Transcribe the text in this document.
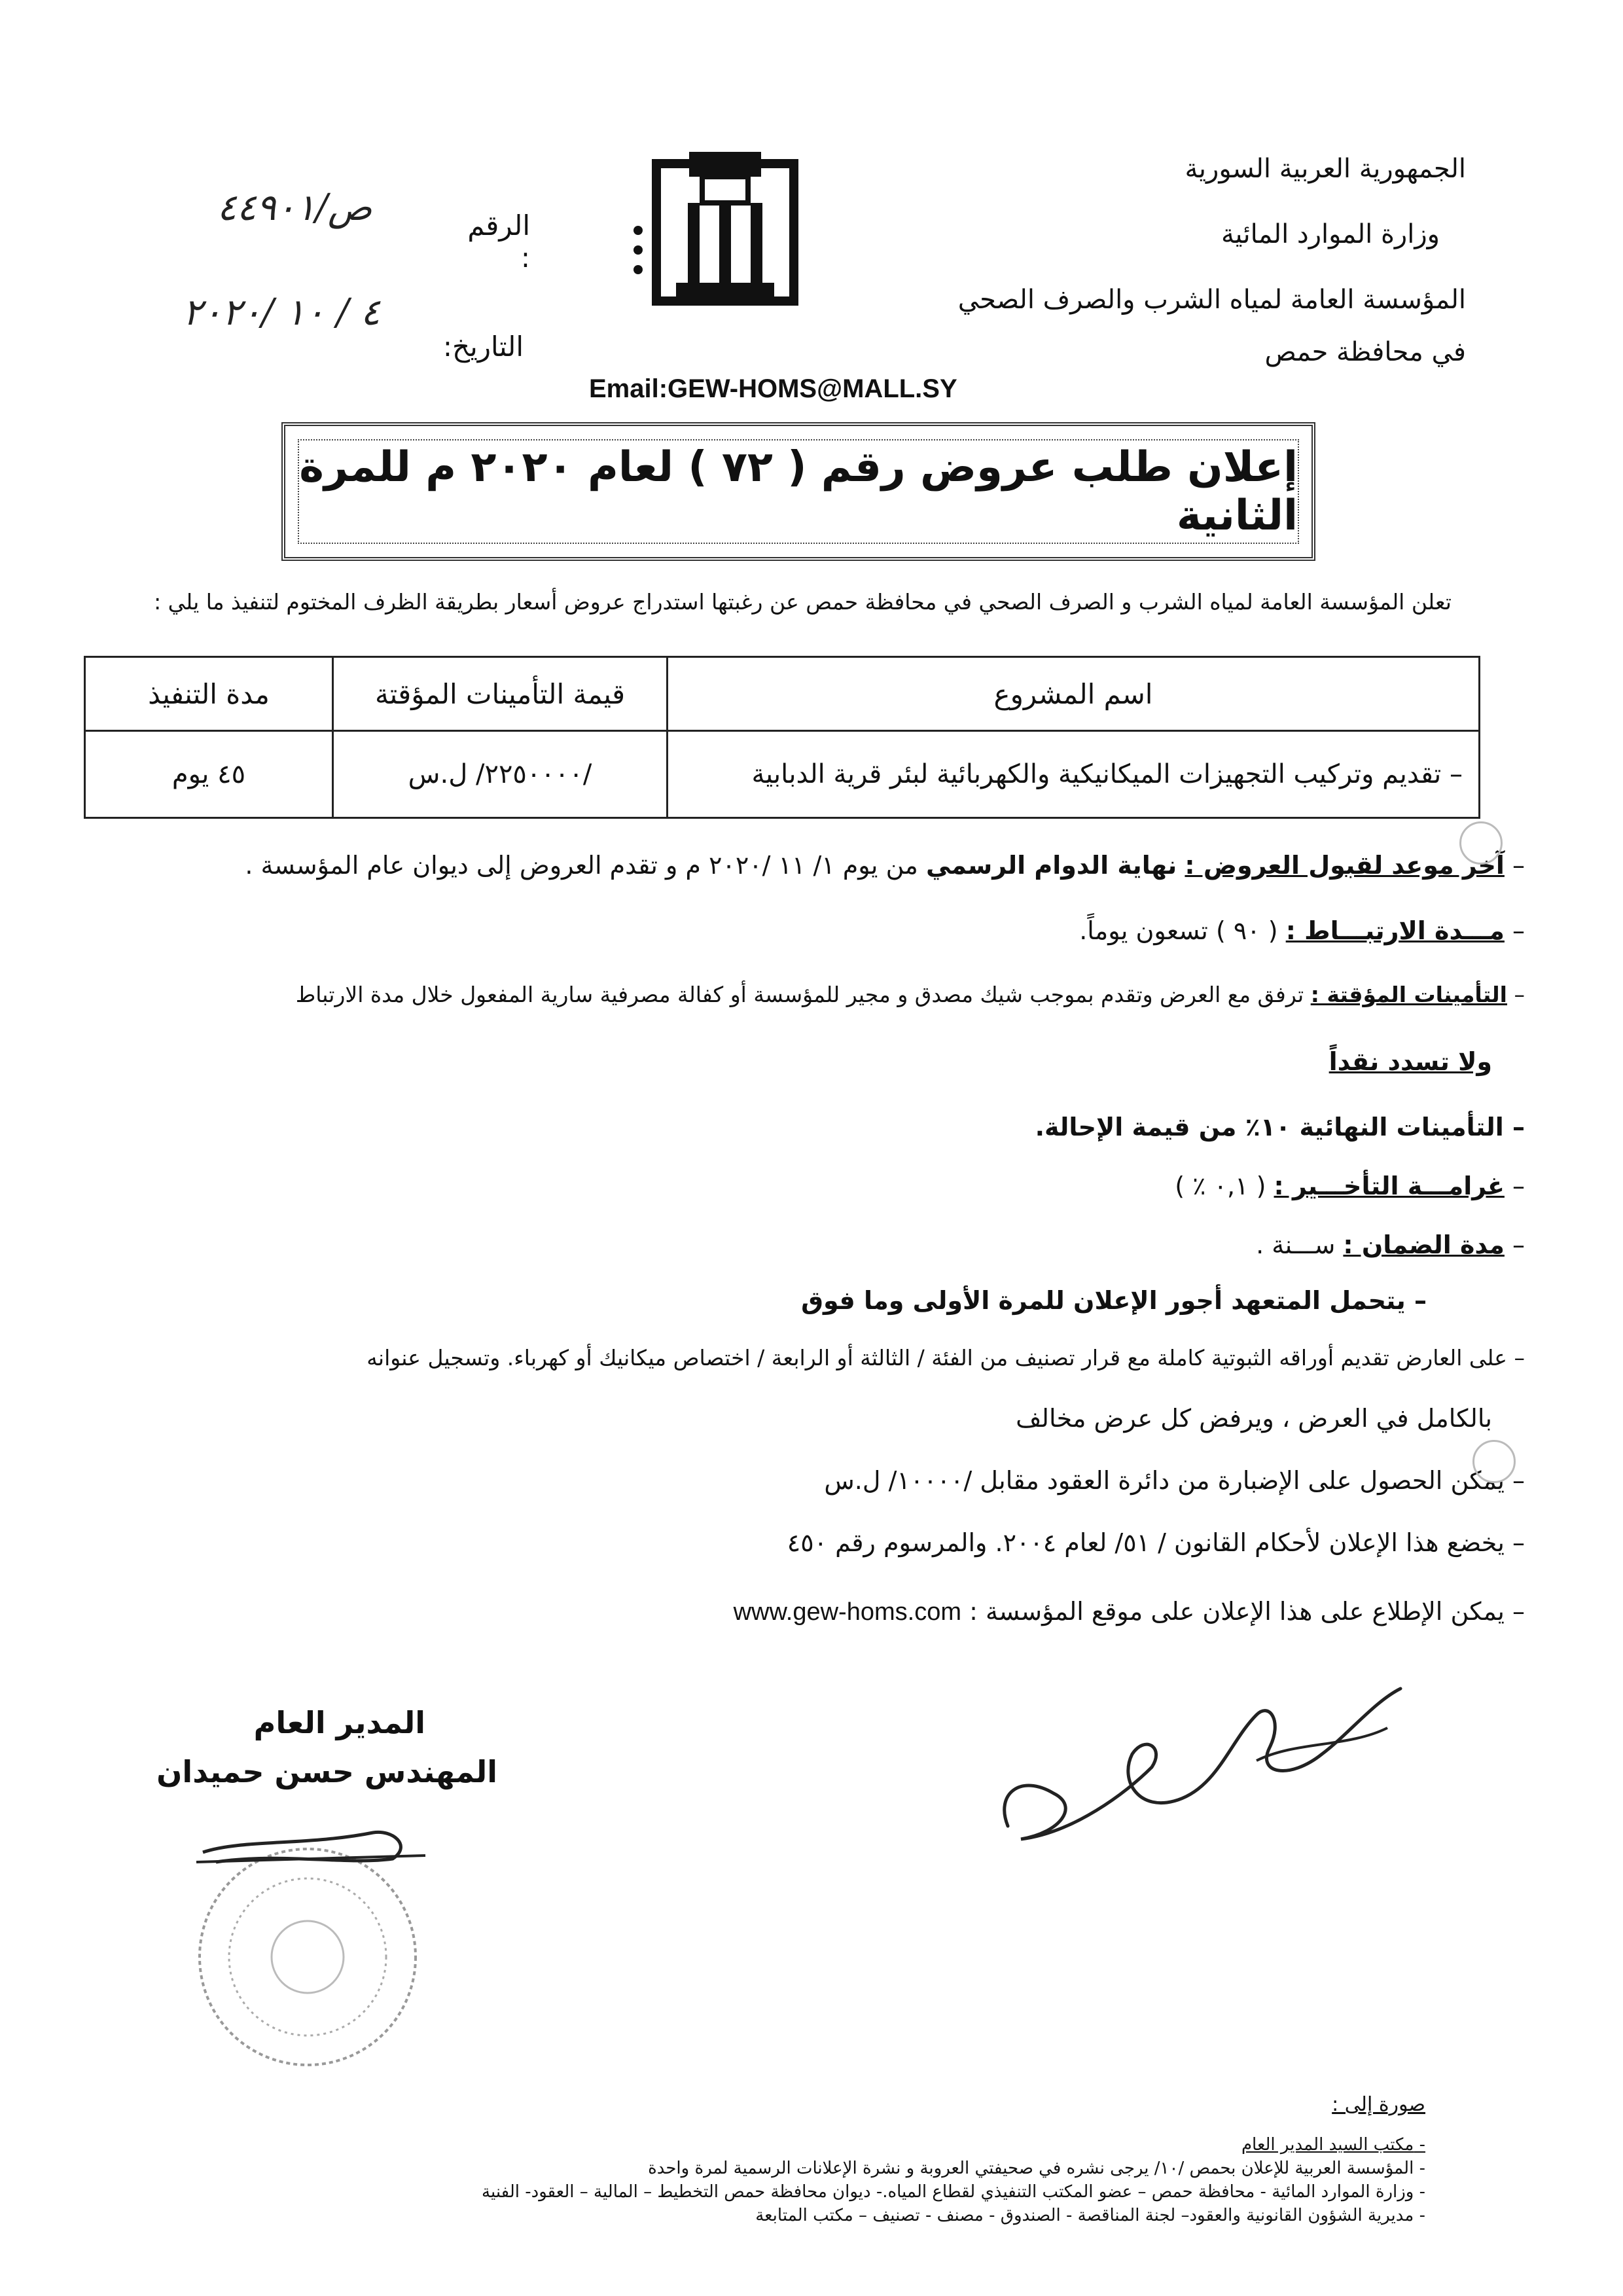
الجمهورية العربية السورية
وزارة الموارد المائية
المؤسسة العامة لمياه الشرب والصرف الصحي
في محافظة حمص
الرقم :
ص/٤٤٩٠١
التاريخ:
٤ / ١٠ /٢٠٢٠
Email:GEW-HOMS@MALL.SY
إعلان طلب عروض رقم ( ٧٢ ) لعام ٢٠٢٠ م للمرة الثانية
تعلن المؤسسة العامة لمياه الشرب و الصرف الصحي في محافظة حمص عن رغبتها استدراج عروض أسعار بطريقة الظرف المختوم لتنفيذ ما يلي :
اسم المشروع	قيمة التأمينات المؤقتة	مدة التنفيذ
– تقديم وتركيب التجهيزات الميكانيكية والكهربائية لبئر قرية الدبابية	/٢٢٥٠٠٠٠/ ل.س	٤٥ يوم
– آخر موعد لقبول العروض : نهاية الدوام الرسمي من يوم ١/ ١١ /٢٠٢٠ م و تقدم العروض إلى ديوان عام المؤسسة .
– مـــدة الارتبـــاط : ( ٩٠ ) تسعون يوماً.
– التأمينات المؤقتة : ترفق مع العرض وتقدم بموجب شيك مصدق و مجير للمؤسسة أو كفالة مصرفية سارية المفعول خلال مدة الارتباط
ولا تسدد نقداً
– التأمينات النهائية ١٠٪ من قيمة الإحالة.
– غرامـــة التأخـــير : ( ٠,١ ٪ )
– مدة الضمان : ســـنة .
– يتحمل المتعهد أجور الإعلان للمرة الأولى وما فوق
– على العارض تقديم أوراقه الثبوتية كاملة مع قرار تصنيف من الفئة / الثالثة أو الرابعة / اختصاص ميكانيك أو كهرباء. وتسجيل عنوانه
بالكامل في العرض ، ويرفض كل عرض مخالف
– يمكن الحصول على الإضبارة من دائرة العقود مقابل /١٠٠٠٠/ ل.س
– يخضع هذا الإعلان لأحكام القانون / ٥١/ لعام ٢٠٠٤. والمرسوم رقم ٤٥٠
– يمكن الإطلاع على هذا الإعلان على موقع المؤسسة : www.gew-homs.com
المدير العام
المهندس حسن حميدان
صورة إلى :
- مكتب السيد المدير العام
- المؤسسة العربية للإعلان بحمص /١٠/ يرجى نشره في صحيفتي العروبة و نشرة الإعلانات الرسمية لمرة واحدة
- وزارة الموارد المائية - محافظة حمص – عضو المكتب التنفيذي لقطاع المياه.- ديوان محافظة حمص التخطيط – المالية – العقود- الفنية
- مديرية الشؤون القانونية والعقود– لجنة المناقصة - الصندوق - مصنف - تصنيف – مكتب المتابعة
